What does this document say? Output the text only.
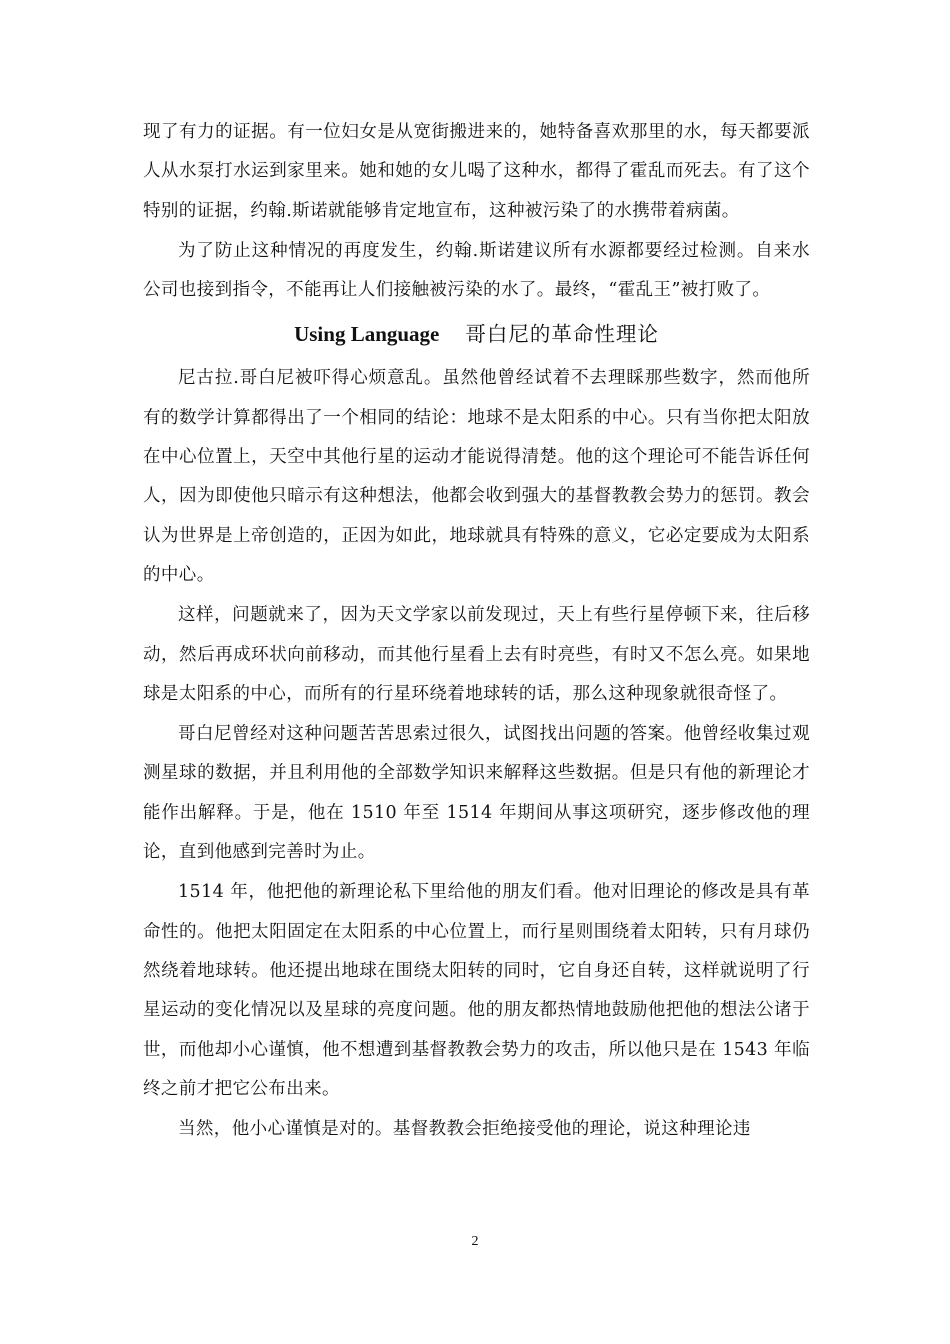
现了有力的证据。有一位妇女是从宽街搬进来的，她特备喜欢那里的水，每天都要派人从水泵打水运到家里来。她和她的女儿喝了这种水，都得了霍乱而死去。有了这个特别的证据，约翰.斯诺就能够肯定地宣布，这种被污染了的水携带着病菌。

为了防止这种情况的再度发生，约翰.斯诺建议所有水源都要经过检测。自来水公司也接到指令，不能再让人们接触被污染的水了。最终，“霍乱王”被打败了。

Using Language 哥白尼的革命性理论

尼古拉.哥白尼被吓得心烦意乱。虽然他曾经试着不去理睬那些数字，然而他所有的数学计算都得出了一个相同的结论：地球不是太阳系的中心。只有当你把太阳放在中心位置上，天空中其他行星的运动才能说得清楚。他的这个理论可不能告诉任何人，因为即使他只暗示有这种想法，他都会收到强大的基督教教会势力的惩罚。教会认为世界是上帝创造的，正因为如此，地球就具有特殊的意义，它必定要成为太阳系的中心。

这样，问题就来了，因为天文学家以前发现过，天上有些行星停顿下来，往后移动，然后再成环状向前移动，而其他行星看上去有时亮些，有时又不怎么亮。如果地球是太阳系的中心，而所有的行星环绕着地球转的话，那么这种现象就很奇怪了。

哥白尼曾经对这种问题苦苦思索过很久，试图找出问题的答案。他曾经收集过观测星球的数据，并且利用他的全部数学知识来解释这些数据。但是只有他的新理论才能作出解释。于是，他在 1510 年至 1514 年期间从事这项研究，逐步修改他的理论，直到他感到完善时为止。

1514 年，他把他的新理论私下里给他的朋友们看。他对旧理论的修改是具有革命性的。他把太阳固定在太阳系的中心位置上，而行星则围绕着太阳转，只有月球仍然绕着地球转。他还提出地球在围绕太阳转的同时，它自身还自转，这样就说明了行星运动的变化情况以及星球的亮度问题。他的朋友都热情地鼓励他把他的想法公诸于世，而他却小心谨慎，他不想遭到基督教教会势力的攻击，所以他只是在 1543 年临终之前才把它公布出来。

当然，他小心谨慎是对的。基督教教会拒绝接受他的理论，说这种理论违

2
